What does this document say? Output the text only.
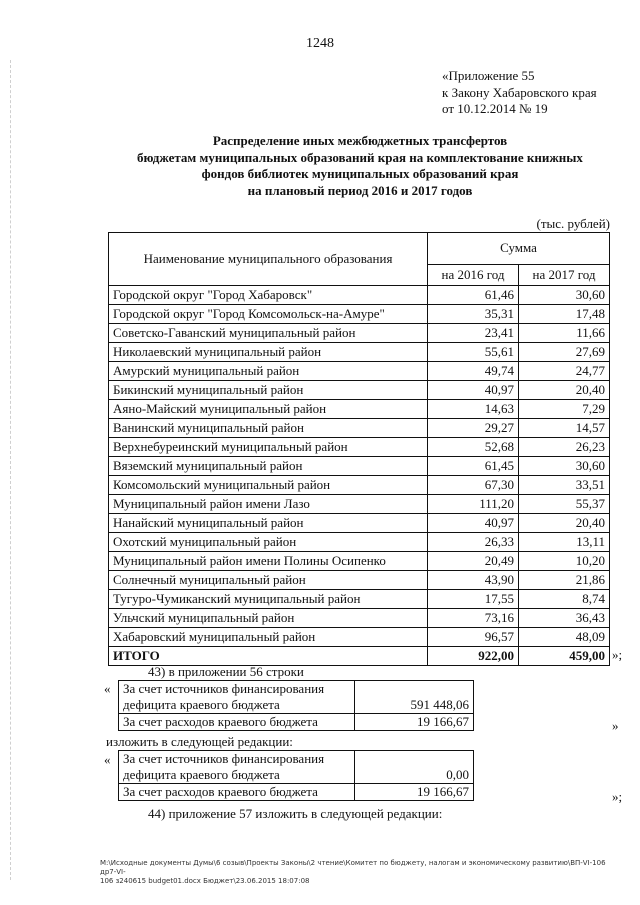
1248
«Приложение 55
к Закону Хабаровского края
от 10.12.2014 № 19
Распределение иных межбюджетных трансфертов
бюджетам муниципальных образований края на комплектование книжных
фондов библиотек муниципальных образований края
на плановый период 2016 и 2017 годов
(тыс. рублей)
Наименование муниципального образования	Сумма	
	на 2016 год	на 2017 год
Городской округ "Город Хабаровск"	61,46	30,60
Городской округ "Город Комсомольск-на-Амуре"	35,31	17,48
Советско-Гаванский муниципальный район	23,41	11,66
Николаевский муниципальный район	55,61	27,69
Амурский муниципальный район	49,74	24,77
Бикинский муниципальный район	40,97	20,40
Аяно-Майский муниципальный район	14,63	7,29
Ванинский муниципальный район	29,27	14,57
Верхнебуреинский муниципальный район	52,68	26,23
Вяземский муниципальный район	61,45	30,60
Комсомольский муниципальный район	67,30	33,51
Муниципальный район имени Лазо	111,20	55,37
Нанайский муниципальный район	40,97	20,40
Охотский муниципальный район	26,33	13,11
Муниципальный район имени Полины Осипенко	20,49	10,20
Солнечный муниципальный район	43,90	21,86
Тугуро-Чумиканский муниципальный район	17,55	8,74
Ульчский муниципальный район	73,16	36,43
Хабаровский муниципальный район	96,57	48,09
ИТОГО	922,00	459,00 »;
43) в приложении 56 строки
« За счет источников финансирования дефицита краевого бюджета	591 448,06
За счет расходов краевого бюджета	19 166,67	»
изложить в следующей редакции:
« За счет источников финансирования дефицита краевого бюджета	0,00
За счет расходов краевого бюджета	19 166,67	»;
44) приложение 57 изложить в следующей редакции:
M:\Исходные документы Думы\6 созыв\Проекты Законы\2 чтение\Комитет по бюджету, налогам и экономическому развитию\ВП-VI-106 др7-VI-
106 з240615 budget01.docx Бюджет\23.06.2015 18:07:08
